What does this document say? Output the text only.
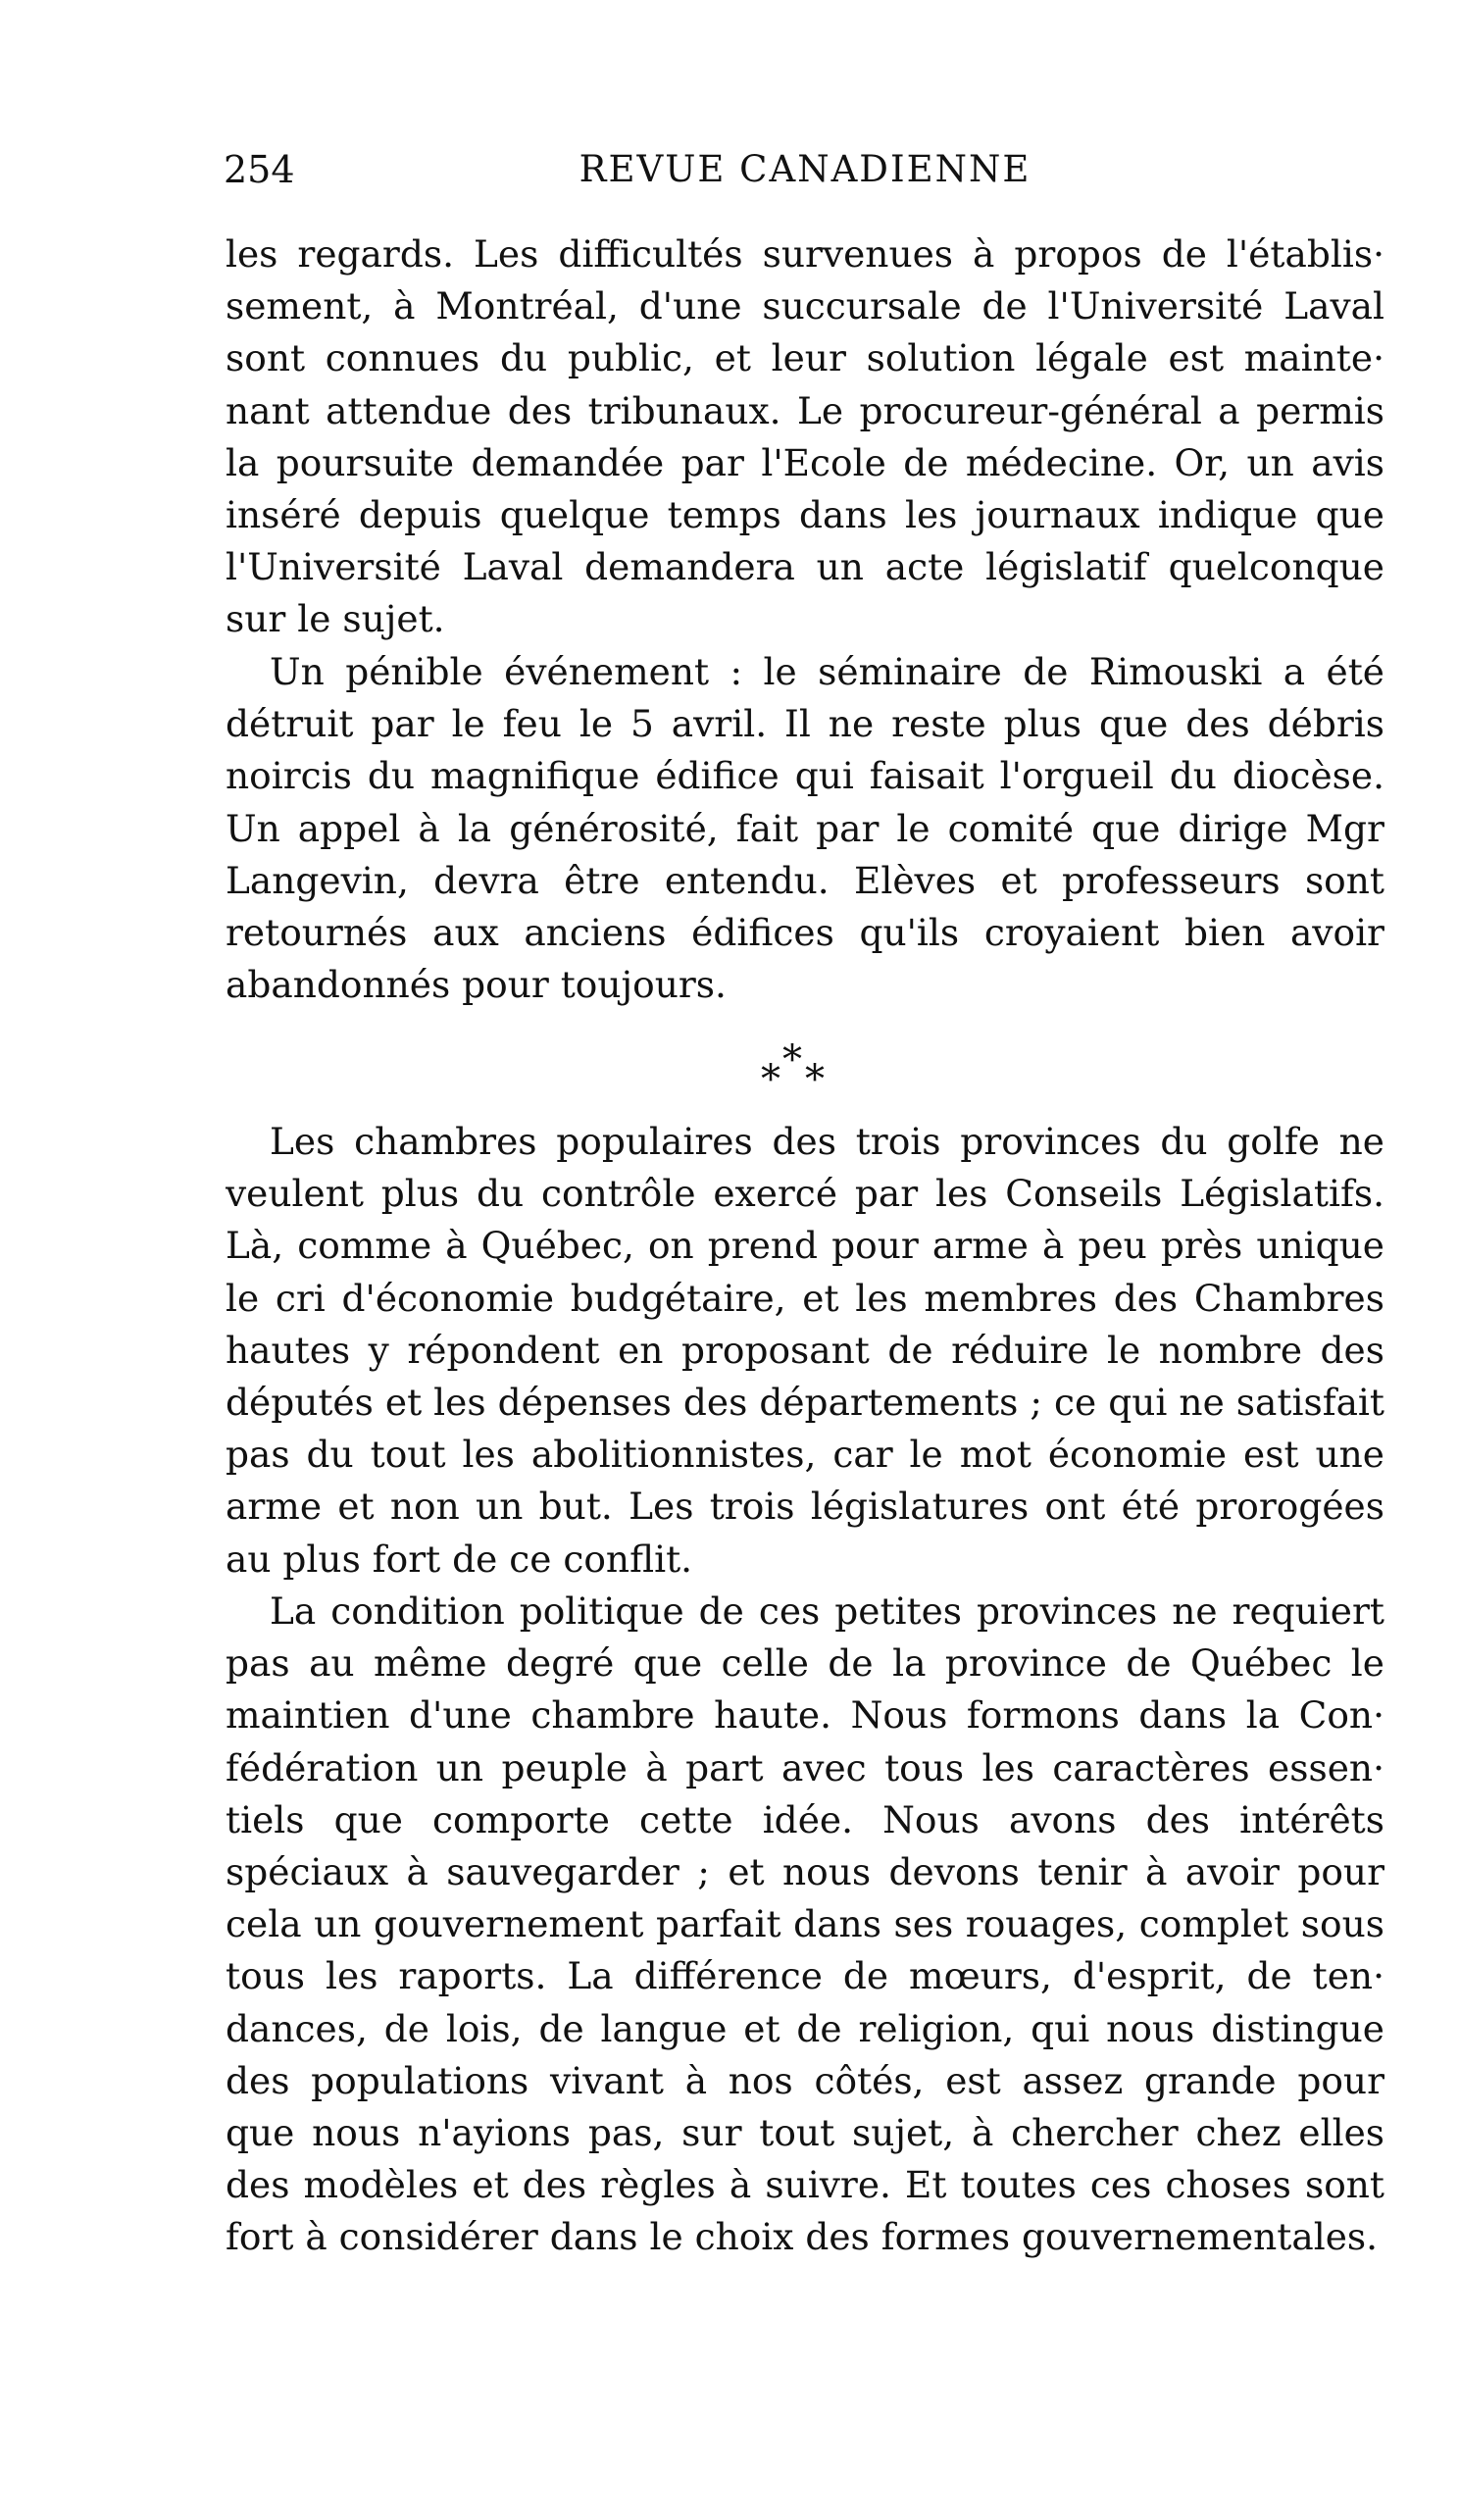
254	REVUE CANADIENNE
les regards. Les difficultés survenues à propos de l'établis·
sement, à Montréal, d'une succursale de l'Université Laval
sont connues du public, et leur solution légale est mainte·
nant attendue des tribunaux. Le procureur-général a permis
la poursuite demandée par l'Ecole de médecine. Or, un avis
inséré depuis quelque temps dans les journaux indique que
l'Université Laval demandera un acte législatif quelconque
sur le sujet.
Un pénible événement : le séminaire de Rimouski a été
détruit par le feu le 5 avril. Il ne reste plus que des débris
noircis du magnifique édifice qui faisait l'orgueil du diocèse.
Un appel à la générosité, fait par le comité que dirige Mgr
Langevin, devra être entendu. Elèves et professeurs sont
retournés aux anciens édifices qu'ils croyaient bien avoir
abandonnés pour toujours.
* * *
Les chambres populaires des trois provinces du golfe ne
veulent plus du contrôle exercé par les Conseils Législatifs.
Là, comme à Québec, on prend pour arme à peu près unique
le cri d'économie budgétaire, et les membres des Chambres
hautes y répondent en proposant de réduire le nombre des
députés et les dépenses des départements ; ce qui ne satisfait
pas du tout les abolitionnistes, car le mot économie est une
arme et non un but. Les trois législatures ont été prorogées
au plus fort de ce conflit.
La condition politique de ces petites provinces ne requiert
pas au même degré que celle de la province de Québec le
maintien d'une chambre haute. Nous formons dans la Con·
fédération un peuple à part avec tous les caractères essen·
tiels que comporte cette idée. Nous avons des intérêts
spéciaux à sauvegarder ; et nous devons tenir à avoir pour
cela un gouvernement parfait dans ses rouages, complet sous
tous les raports. La différence de mœurs, d'esprit, de ten·
dances, de lois, de langue et de religion, qui nous distingue
des populations vivant à nos côtés, est assez grande pour
que nous n'ayions pas, sur tout sujet, à chercher chez elles
des modèles et des règles à suivre. Et toutes ces choses sont
fort à considérer dans le choix des formes gouvernementales.
